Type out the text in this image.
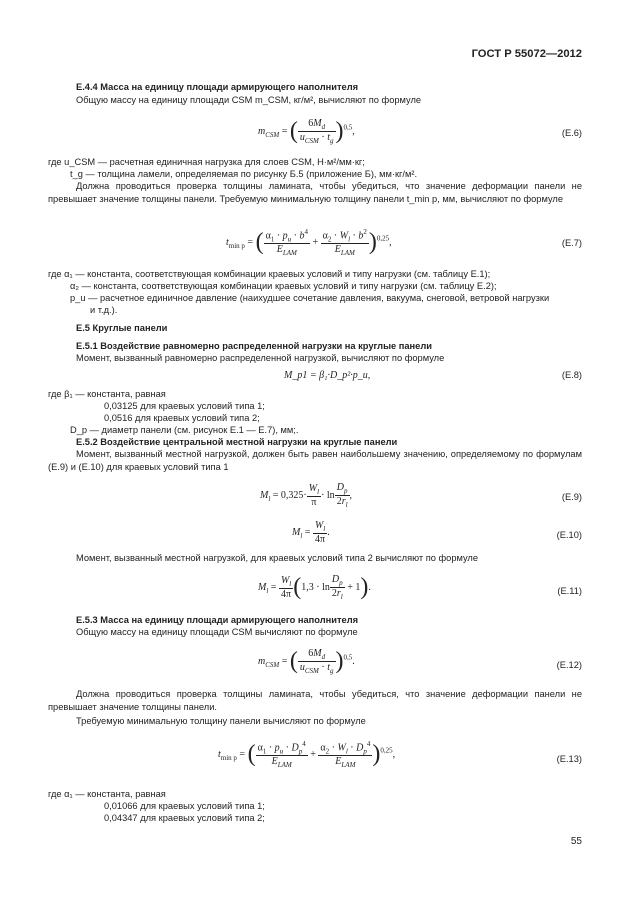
ГОСТ Р 55072—2012
Е.4.4 Масса на единицу площади армирующего наполнителя
Общую массу на единицу площади CSM m_CSM, кг/м², вычисляют по формуле
$m_{CSM}$ = ( $\frac{6M_d}{u_{CSM} \cdot t_g} )^{0,5}$,	(E.6)
где u_CSM — расчетная единичная нагрузка для слоев CSM, Н·м²/мм·кг;
t_g — толщина ламели, определяемая по рисунку Б.5 (приложение Б), мм·кг/м².
Должна проводиться проверка толщины ламината, чтобы убедиться, что значение деформации панели не превышает значение толщины панели. Требуемую минимальную толщину панели t_min p, мм, вычисляют по формуле
$t_{min p}$ = ( $\frac{\alpha_1 \cdot p_u \cdot b^4}{E_{LAM}} + \frac{\alpha_2 \cdot W_l \cdot b^2}{E_{LAM}} )^{0,25}$,	(E.7)
где α₁ — константа, соответствующая комбинации краевых условий и типу нагрузки (см. таблицу Е.1);
α₂ — константа, соответствующая комбинации краевых условий и типу нагрузки (см. таблицу Е.2);
p_u — расчетное единичное давление (наихудшее сочетание давления, вакуума, снеговой, ветровой нагрузки
и т.д.).
Е.5 Круглые панели
Е.5.1 Воздействие равномерно распределенной нагрузки на круглые панели
Момент, вызванный равномерно распределенной нагрузкой, вычисляют по формуле
M_p1 = β₁·D_p²·p_u,	(E.8)
где β₁ — константа, равная
0,03125 для краевых условий типа 1;
0,0516 для краевых условий типа 2;
D_p — диаметр панели (см. рисунок Е.1 — Е.7), мм;.
Е.5.2 Воздействие центральной местной нагрузки на круглые панели
Момент, вызванный местной нагрузкой, должен быть равен наибольшему значению, определяемому по формулам (Е.9) и (Е.10) для краевых условий типа 1
$M_l = 0,325\cdot \frac{W_l}{\pi} \cdot \ln \frac{D_p}{2r_l}$ ,	(E.9)
$M_l = \frac{W_l}{4\pi}$ .	(E.10)
Момент, вызванный местной нагрузкой, для краевых условий типа 2 вычисляют по формуле
$M_l = \frac{W_l}{4\pi} (1,3 \cdot \ln \frac{D_p}{2r_l} + 1)$.	(E.11)
Е.5.3 Масса на единицу площади армирующего наполнителя
Общую массу на единицу площади CSM вычисляют по формуле
$m_{CSM}$ = ( $\frac{6M_d}{u_{CSM} \cdot t_g} )^{0,5}$.	(E.12)
Должна проводиться проверка толщины ламината, чтобы убедиться, что значение деформации панели не превышает значение толщины панели.
Требуемую минимальную толщину панели вычисляют по формуле
$t_{min p}$ = ( $\frac{\alpha_1 \cdot p_u \cdot D_p^4}{E_{LAM}} + \frac{\alpha_2 \cdot W_l \cdot D_p^4}{E_{LAM}} )^{0,25}$,	(E.13)
где α₁ — константа, равная
0,01066 для краевых условий типа 1;
0,04347 для краевых условий типа 2;
55
